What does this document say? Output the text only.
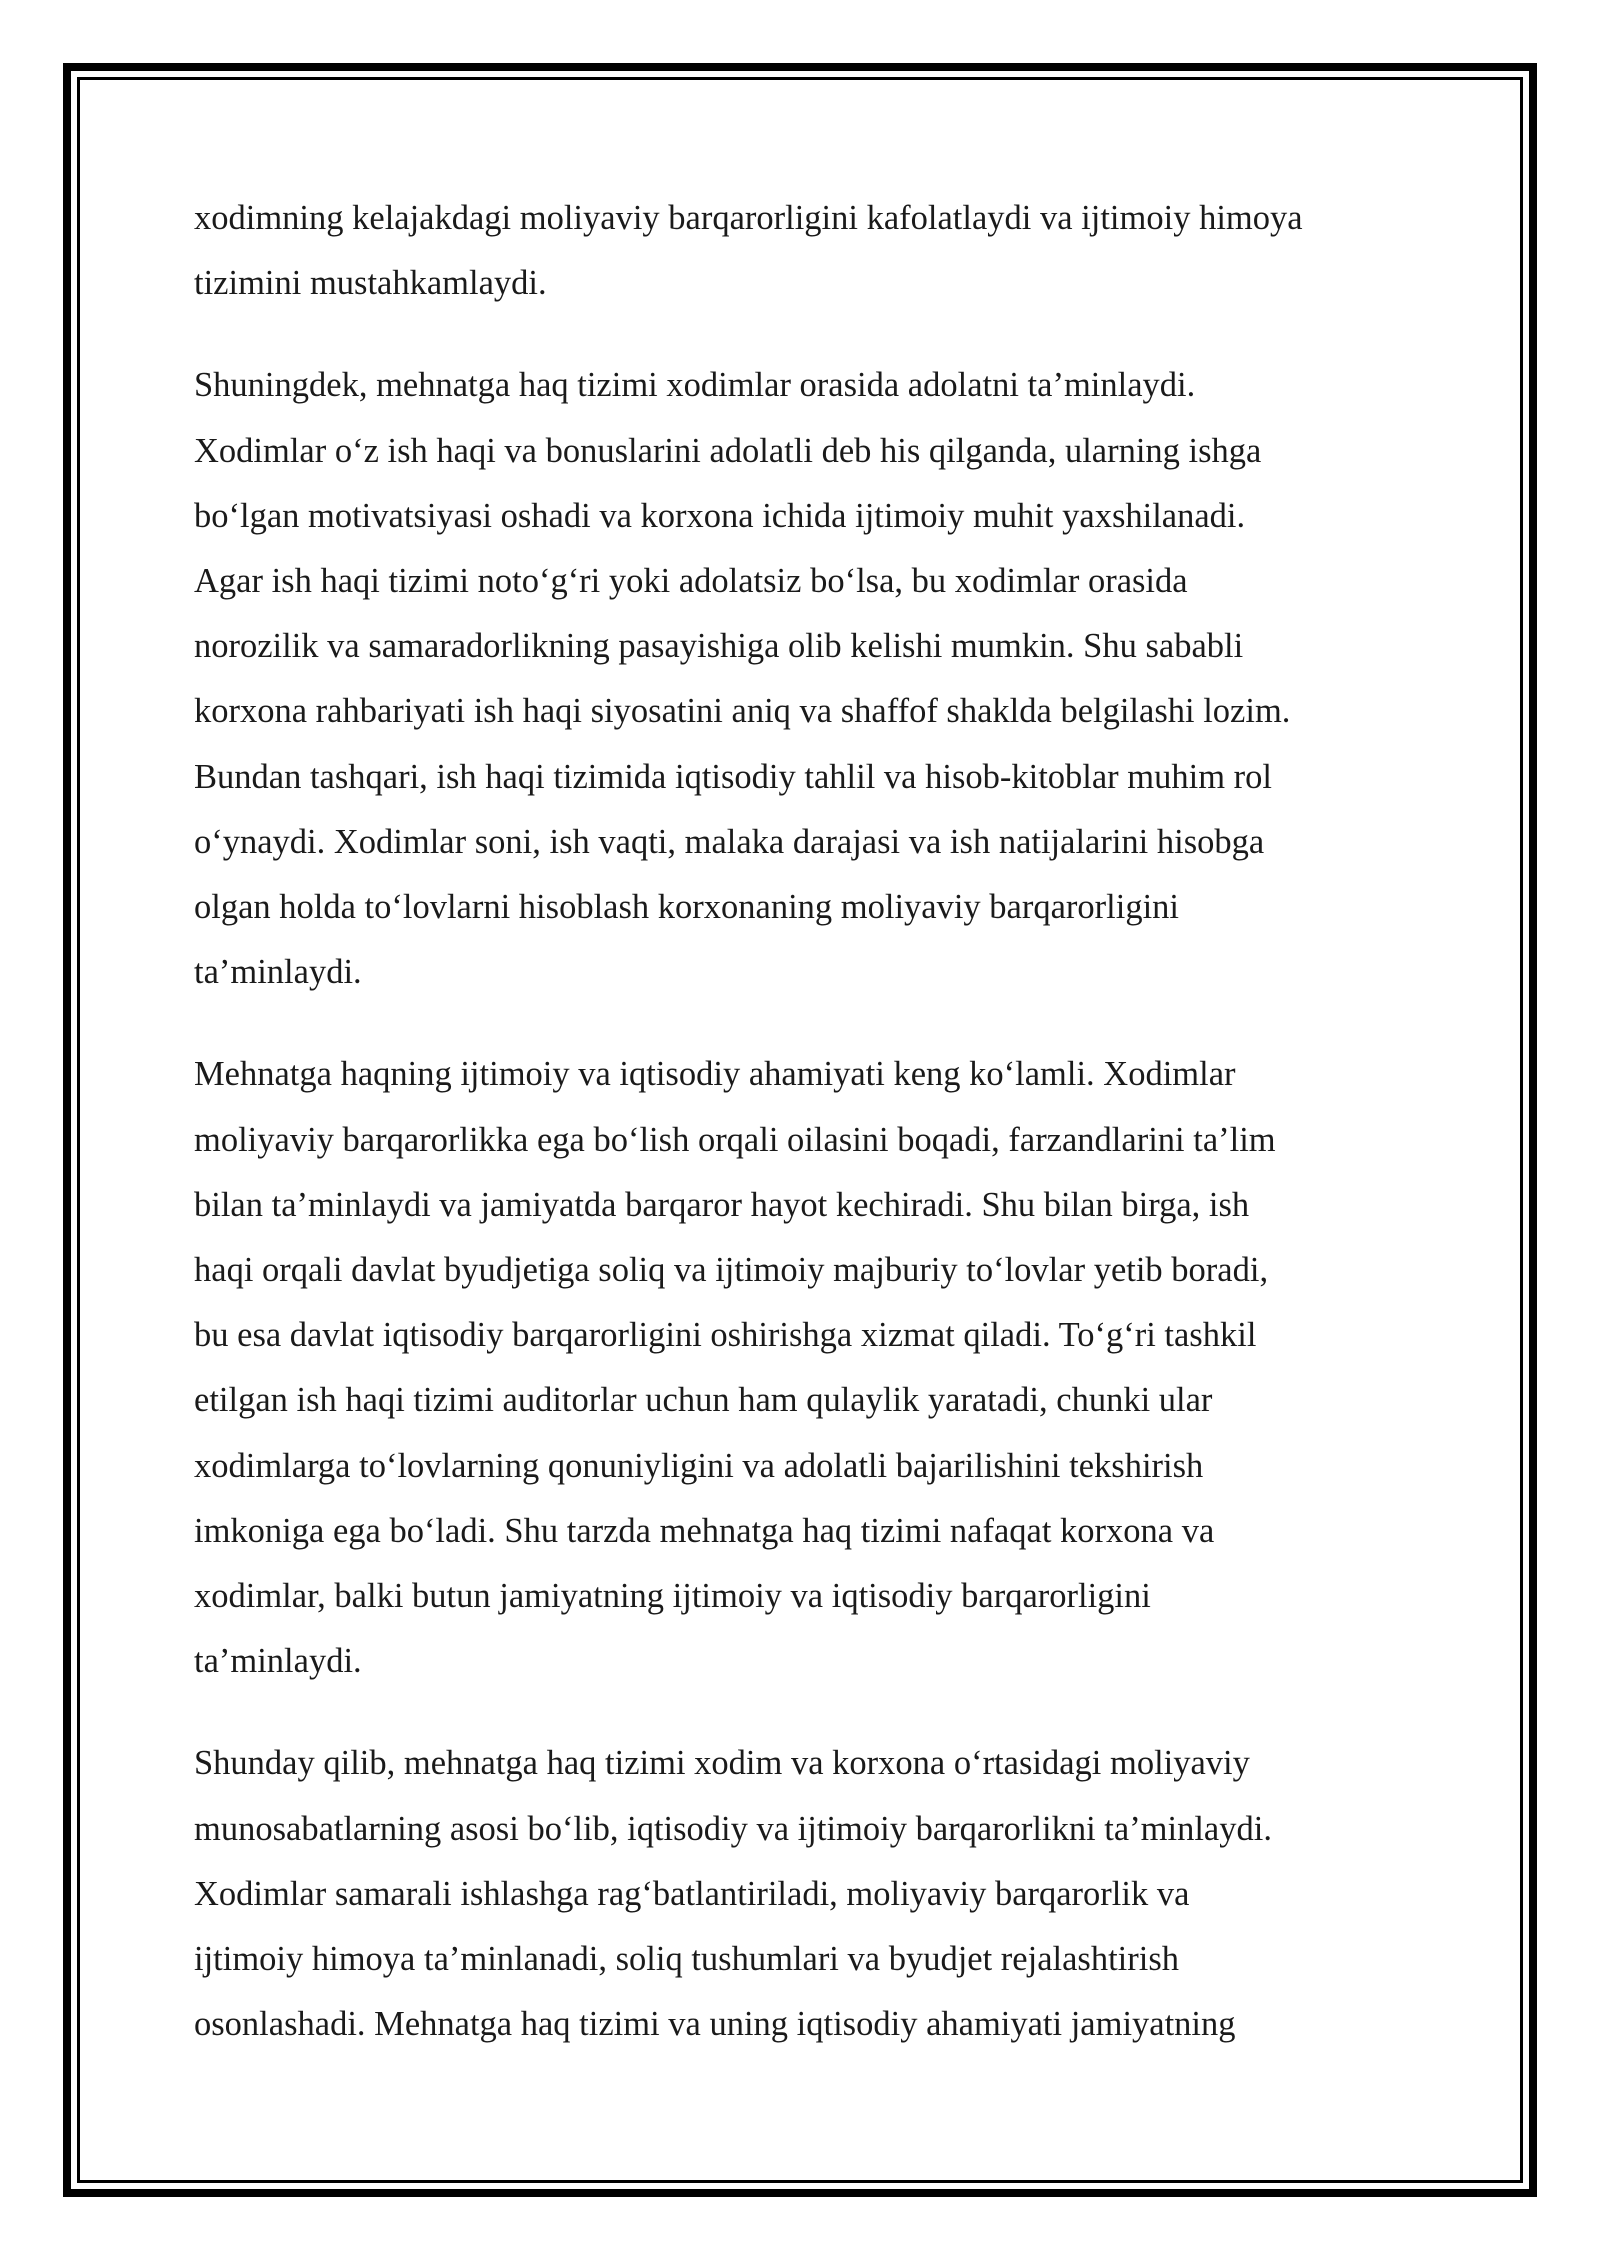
xodimning kelajakdagi moliyaviy barqarorligini kafolatlaydi va ijtimoiy himoya
tizimini mustahkamlaydi.

Shuningdek, mehnatga haq tizimi xodimlar orasida adolatni ta’minlaydi.
Xodimlar o‘z ish haqi va bonuslarini adolatli deb his qilganda, ularning ishga
bo‘lgan motivatsiyasi oshadi va korxona ichida ijtimoiy muhit yaxshilanadi.
Agar ish haqi tizimi noto‘g‘ri yoki adolatsiz bo‘lsa, bu xodimlar orasida
norozilik va samaradorlikning pasayishiga olib kelishi mumkin. Shu sababli
korxona rahbariyati ish haqi siyosatini aniq va shaffof shaklda belgilashi lozim.
Bundan tashqari, ish haqi tizimida iqtisodiy tahlil va hisob-kitoblar muhim rol
o‘ynaydi. Xodimlar soni, ish vaqti, malaka darajasi va ish natijalarini hisobga
olgan holda to‘lovlarni hisoblash korxonaning moliyaviy barqarorligini
ta’minlaydi.

Mehnatga haqning ijtimoiy va iqtisodiy ahamiyati keng ko‘lamli. Xodimlar
moliyaviy barqarorlikka ega bo‘lish orqali oilasini boqadi, farzandlarini ta’lim
bilan ta’minlaydi va jamiyatda barqaror hayot kechiradi. Shu bilan birga, ish
haqi orqali davlat byudjetiga soliq va ijtimoiy majburiy to‘lovlar yetib boradi,
bu esa davlat iqtisodiy barqarorligini oshirishga xizmat qiladi. To‘g‘ri tashkil
etilgan ish haqi tizimi auditorlar uchun ham qulaylik yaratadi, chunki ular
xodimlarga to‘lovlarning qonuniyligini va adolatli bajarilishini tekshirish
imkoniga ega bo‘ladi. Shu tarzda mehnatga haq tizimi nafaqat korxona va
xodimlar, balki butun jamiyatning ijtimoiy va iqtisodiy barqarorligini
ta’minlaydi.

Shunday qilib, mehnatga haq tizimi xodim va korxona o‘rtasidagi moliyaviy
munosabatlarning asosi bo‘lib, iqtisodiy va ijtimoiy barqarorlikni ta’minlaydi.
Xodimlar samarali ishlashga rag‘batlantiriladi, moliyaviy barqarorlik va
ijtimoiy himoya ta’minlanadi, soliq tushumlari va byudjet rejalashtirish
osonlashadi. Mehnatga haq tizimi va uning iqtisodiy ahamiyati jamiyatning
